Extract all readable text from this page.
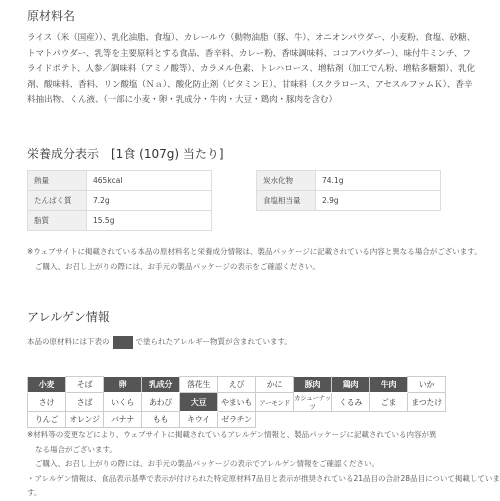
原材料名

ライス（米（国産））、乳化油脂、食塩）、カレールウ（動物油脂（豚、牛）、オニオンパウダー、小麦粉、食塩、砂糖、トマトパウダー、乳等を主要原料とする食品、香辛料、カレー粉、香味調味料、ココアパウダー）、味付牛ミンチ、フライドポテト、人参／調味料（アミノ酸等）、カラメル色素、トレハロース、増粘剤（加工でん粉、増粘多糖類）、乳化剤、酸味料、香料、リン酸塩（Ｎａ）、酸化防止剤（ビタミンＥ）、甘味料（スクラロース、アセスルファムＫ）、香辛料抽出物、くん液、（一部に小麦・卵・乳成分・牛肉・大豆・鶏肉・豚肉を含む）

栄養成分表示　[1食 (107g) 当たり]
熱量	465kcal
たんぱく質	7.2g
脂質	15.5g
炭水化物	74.1g
食塩相当量	2.9g

※ウェブサイトに掲載されている本品の原材料名と栄養成分情報は、製品パッケージに記載されている内容と異なる場合がございます。
ご購入、お召し上がりの際には、お手元の製品パッケージの表示をご確認ください。

アレルゲン情報

本品の原材料には下表の	で塗られたアレルギー物質が含まれています。

小麦	そば	卵	乳成分	落花生	えび	かに	豚肉	鶏肉	牛肉	いか
さけ	さば	いくら	あわび	大豆	やまいも	アーモンド	カシューナッツ	くるみ	ごま	まつたけ
りんご	オレンジ	バナナ	もも	キウイ	ゼラチン					

※材料等の変更などにより、ウェブサイトに掲載されているアレルゲン情報と、製品パッケージに記載されている内容が異
なる場合がございます。
ご購入、お召し上がりの際には、お手元の製品パッケージの表示でアレルゲン情報をご確認ください。
・アレルゲン情報は、食品表示基準で表示が付けられた特定原材料7品目と表示が推奨されている21品目の合計28品目について掲載しています。
